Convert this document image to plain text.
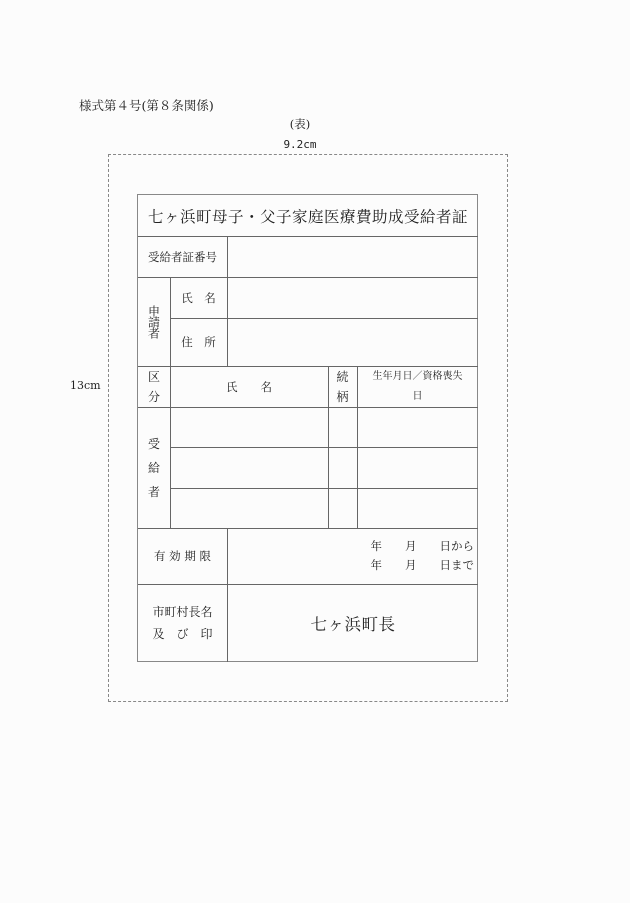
様式第４号(第８条関係)
(表)
9.2cm
13cm
七ヶ浜町母子・父子家庭医療費助成受給者証
受給者証番号
申請者
氏　名
住　所
区
分
氏　　名
続
柄
生年月日／資格喪失
日
受
給
者
有 効 期 限
年　　月　　日から
年　　月　　日まで
市町村長名
及　び　印	七ヶ浜町長
